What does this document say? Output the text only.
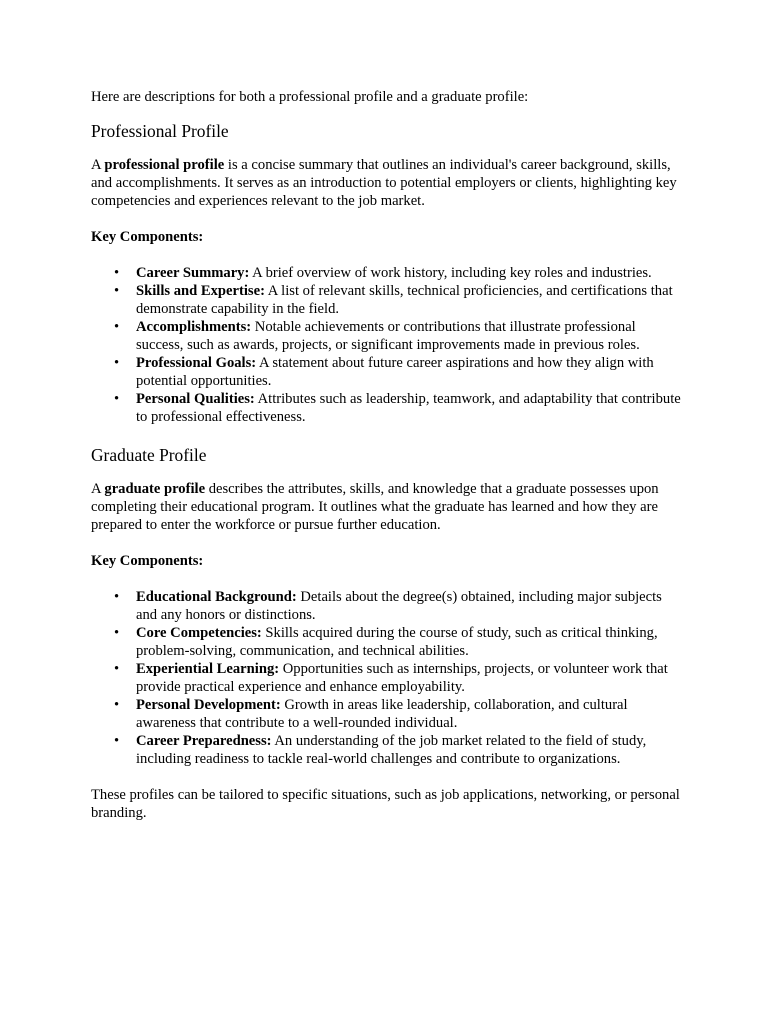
Here are descriptions for both a professional profile and a graduate profile:

Professional Profile

A professional profile is a concise summary that outlines an individual's career background, skills, and accomplishments. It serves as an introduction to potential employers or clients, highlighting key competencies and experiences relevant to the job market.

Key Components:

• Career Summary: A brief overview of work history, including key roles and industries.
• Skills and Expertise: A list of relevant skills, technical proficiencies, and certifications that demonstrate capability in the field.
• Accomplishments: Notable achievements or contributions that illustrate professional success, such as awards, projects, or significant improvements made in previous roles.
• Professional Goals: A statement about future career aspirations and how they align with potential opportunities.
• Personal Qualities: Attributes such as leadership, teamwork, and adaptability that contribute to professional effectiveness.
Graduate Profile

A graduate profile describes the attributes, skills, and knowledge that a graduate possesses upon completing their educational program. It outlines what the graduate has learned and how they are prepared to enter the workforce or pursue further education.

Key Components:

• Educational Background: Details about the degree(s) obtained, including major subjects and any honors or distinctions.
• Core Competencies: Skills acquired during the course of study, such as critical thinking, problem-solving, communication, and technical abilities.
• Experiential Learning: Opportunities such as internships, projects, or volunteer work that provide practical experience and enhance employability.
• Personal Development: Growth in areas like leadership, collaboration, and cultural awareness that contribute to a well-rounded individual.
• Career Preparedness: An understanding of the job market related to the field of study, including readiness to tackle real-world challenges and contribute to organizations.

These profiles can be tailored to specific situations, such as job applications, networking, or personal branding.
